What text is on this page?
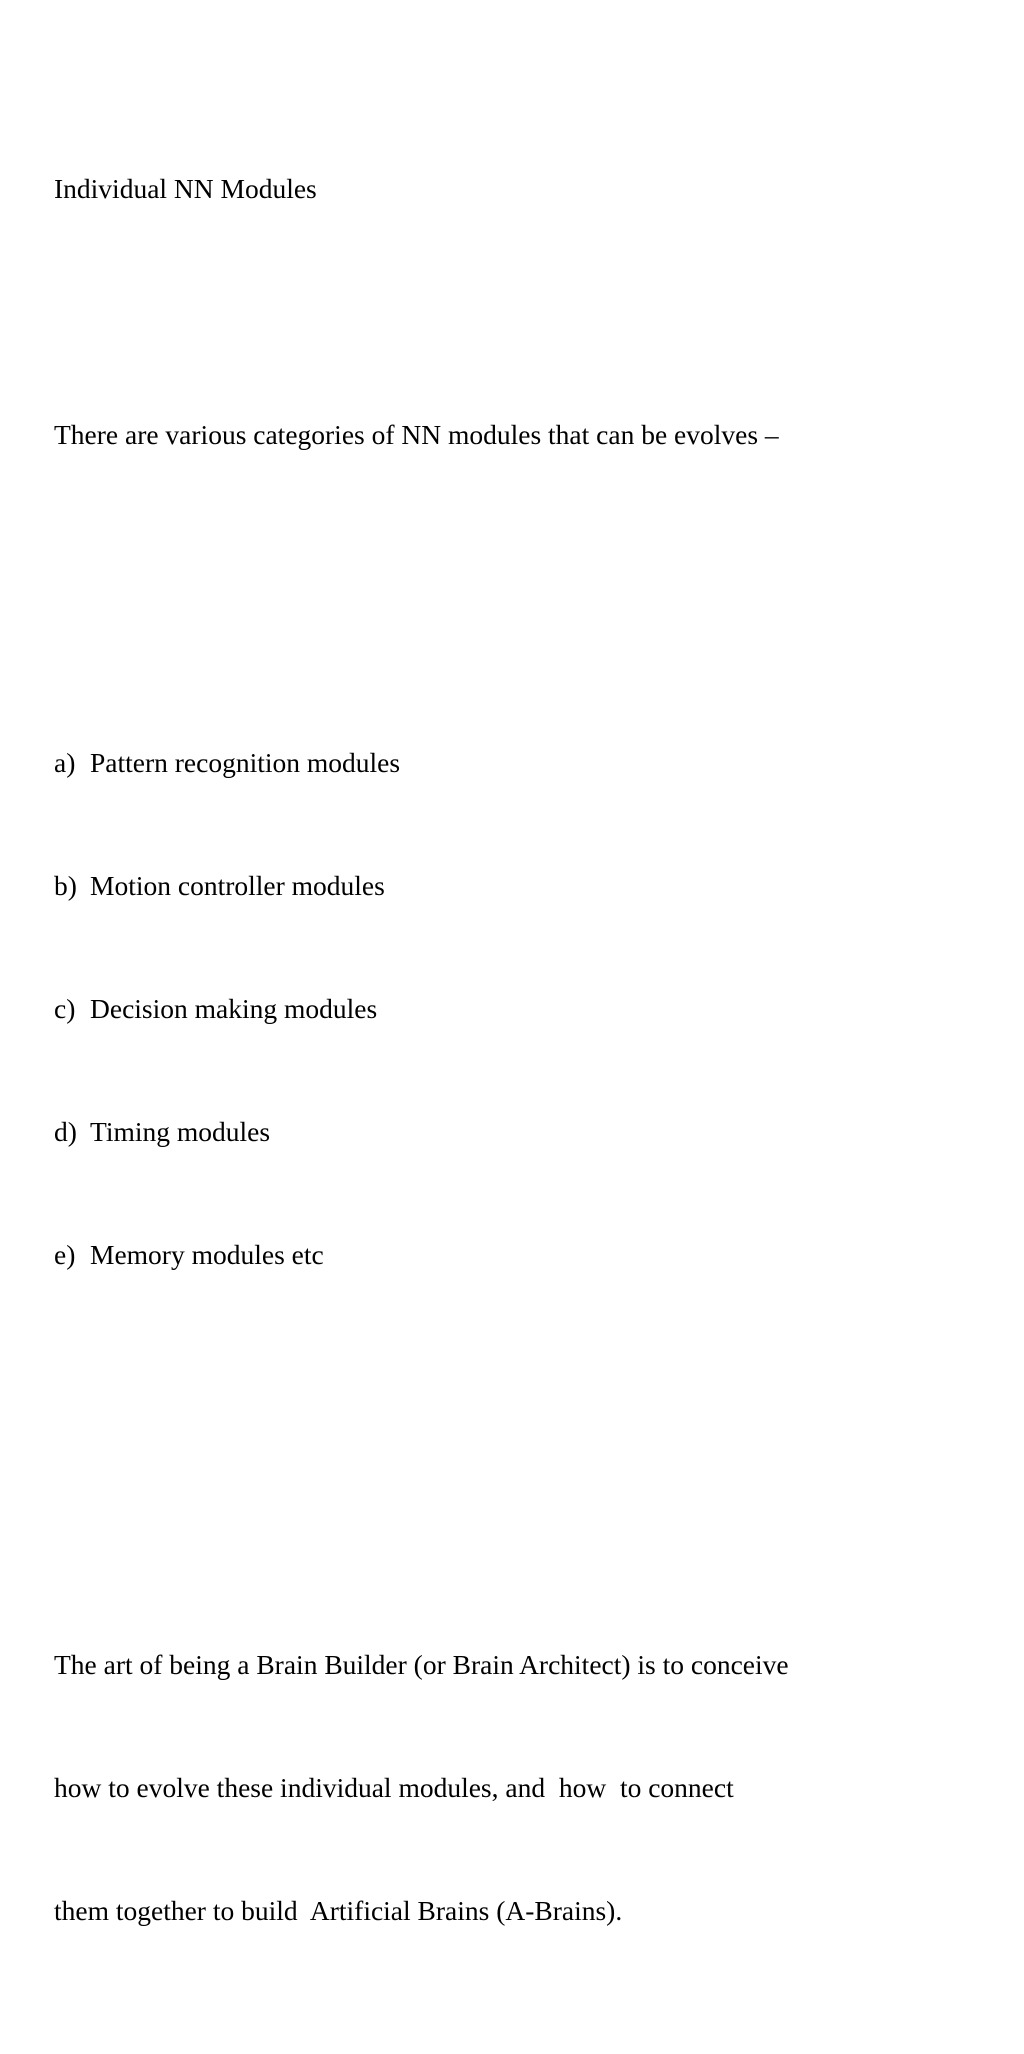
Individual NN Modules

There are various categories of NN modules that can be evolves –

a) Pattern recognition modules

b) Motion controller modules

c) Decision making modules

d) Timing modules

e) Memory modules etc

The art of being a Brain Builder (or Brain Architect) is to conceive

how to evolve these individual modules, and  how  to connect

them together to build  Artificial Brains (A-Brains).
